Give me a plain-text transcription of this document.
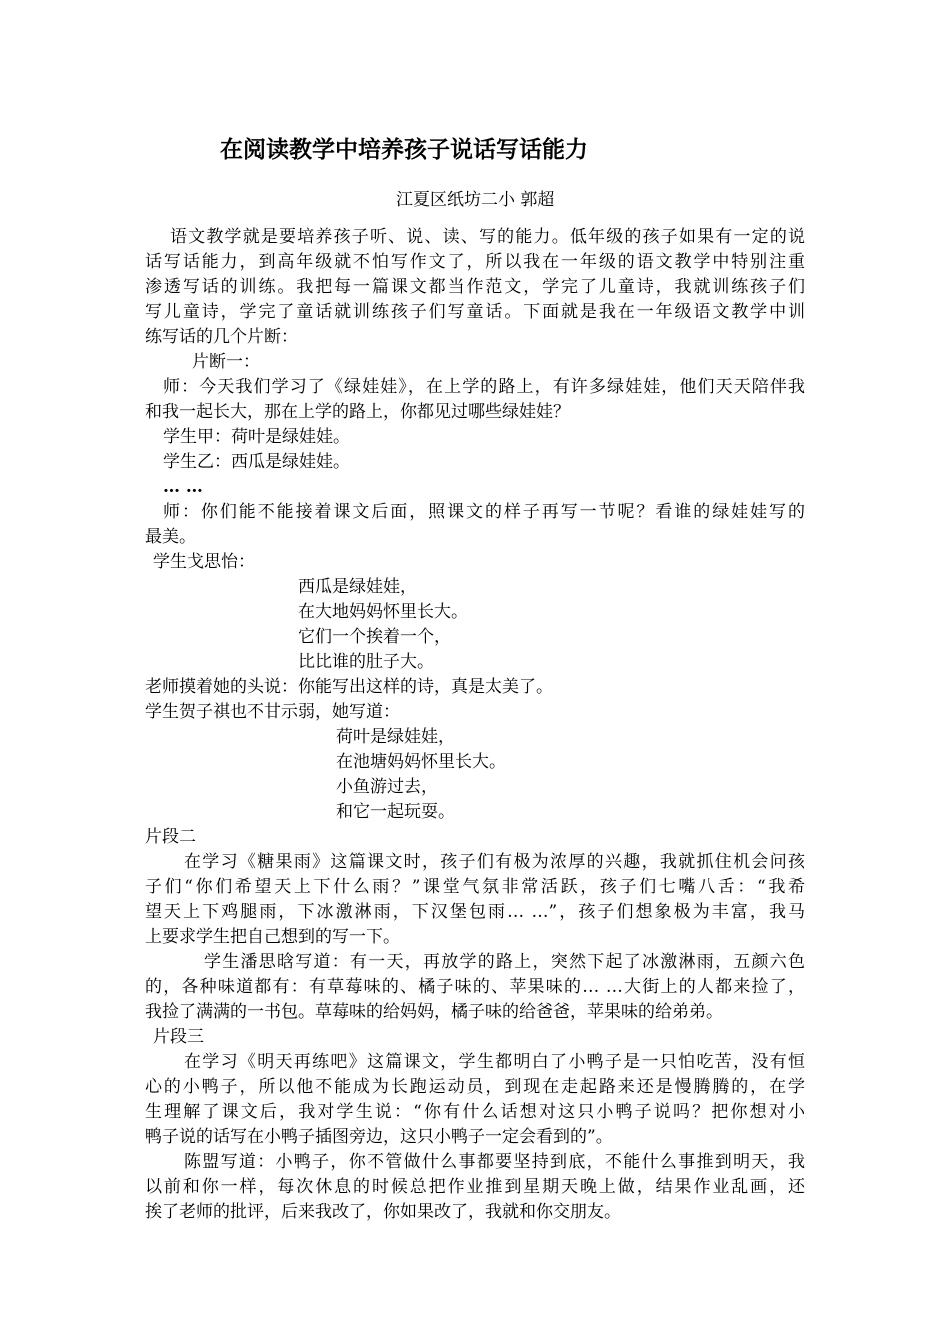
在阅读教学中培养孩子说话写话能力

江夏区纸坊二小 郭超

语文教学就是要培养孩子听、说、读、写的能力。低年级的孩子如果有一定的说

话写话能力，到高年级就不怕写作文了，所以我在一年级的语文教学中特别注重

渗透写话的训练。我把每一篇课文都当作范文，学完了儿童诗，我就训练孩子们

写儿童诗，学完了童话就训练孩子们写童话。下面就是我在一年级语文教学中训

练写话的几个片断：

片断一：

师：今天我们学习了《绿娃娃》，在上学的路上，有许多绿娃娃，他们天天陪伴我

和我一起长大，那在上学的路上，你都见过哪些绿娃娃？

学生甲：荷叶是绿娃娃。

学生乙：西瓜是绿娃娃。

… …

师：你们能不能接着课文后面，照课文的样子再写一节呢？看谁的绿娃娃写的

最美。

学生戈思怡：

西瓜是绿娃娃，

在大地妈妈怀里长大。

它们一个挨着一个，

比比谁的肚子大。

老师摸着她的头说：你能写出这样的诗，真是太美了。

学生贺子祺也不甘示弱，她写道：

荷叶是绿娃娃，

在池塘妈妈怀里长大。

小鱼游过去，

和它一起玩耍。

片段二

在学习《糖果雨》这篇课文时，孩子们有极为浓厚的兴趣，我就抓住机会问孩

子们“你们希望天上下什么雨？”课堂气氛非常活跃，孩子们七嘴八舌：“我希

望天上下鸡腿雨，下冰激淋雨，下汉堡包雨… …”，孩子们想象极为丰富，我马

上要求学生把自己想到的写一下。

学生潘思晗写道：有一天，再放学的路上，突然下起了冰激淋雨，五颜六色

的，各种味道都有：有草莓味的、橘子味的、苹果味的… …大街上的人都来捡了，

我捡了满满的一书包。草莓味的给妈妈，橘子味的给爸爸，苹果味的给弟弟。

片段三

在学习《明天再练吧》这篇课文，学生都明白了小鸭子是一只怕吃苦，没有恒

心的小鸭子，所以他不能成为长跑运动员，到现在走起路来还是慢腾腾的，在学

生理解了课文后，我对学生说：“你有什么话想对这只小鸭子说吗？把你想对小

鸭子说的话写在小鸭子插图旁边，这只小鸭子一定会看到的”。

陈盟写道：小鸭子，你不管做什么事都要坚持到底，不能什么事推到明天，我

以前和你一样，每次休息的时候总把作业推到星期天晚上做，结果作业乱画，还

挨了老师的批评，后来我改了，你如果改了，我就和你交朋友。
